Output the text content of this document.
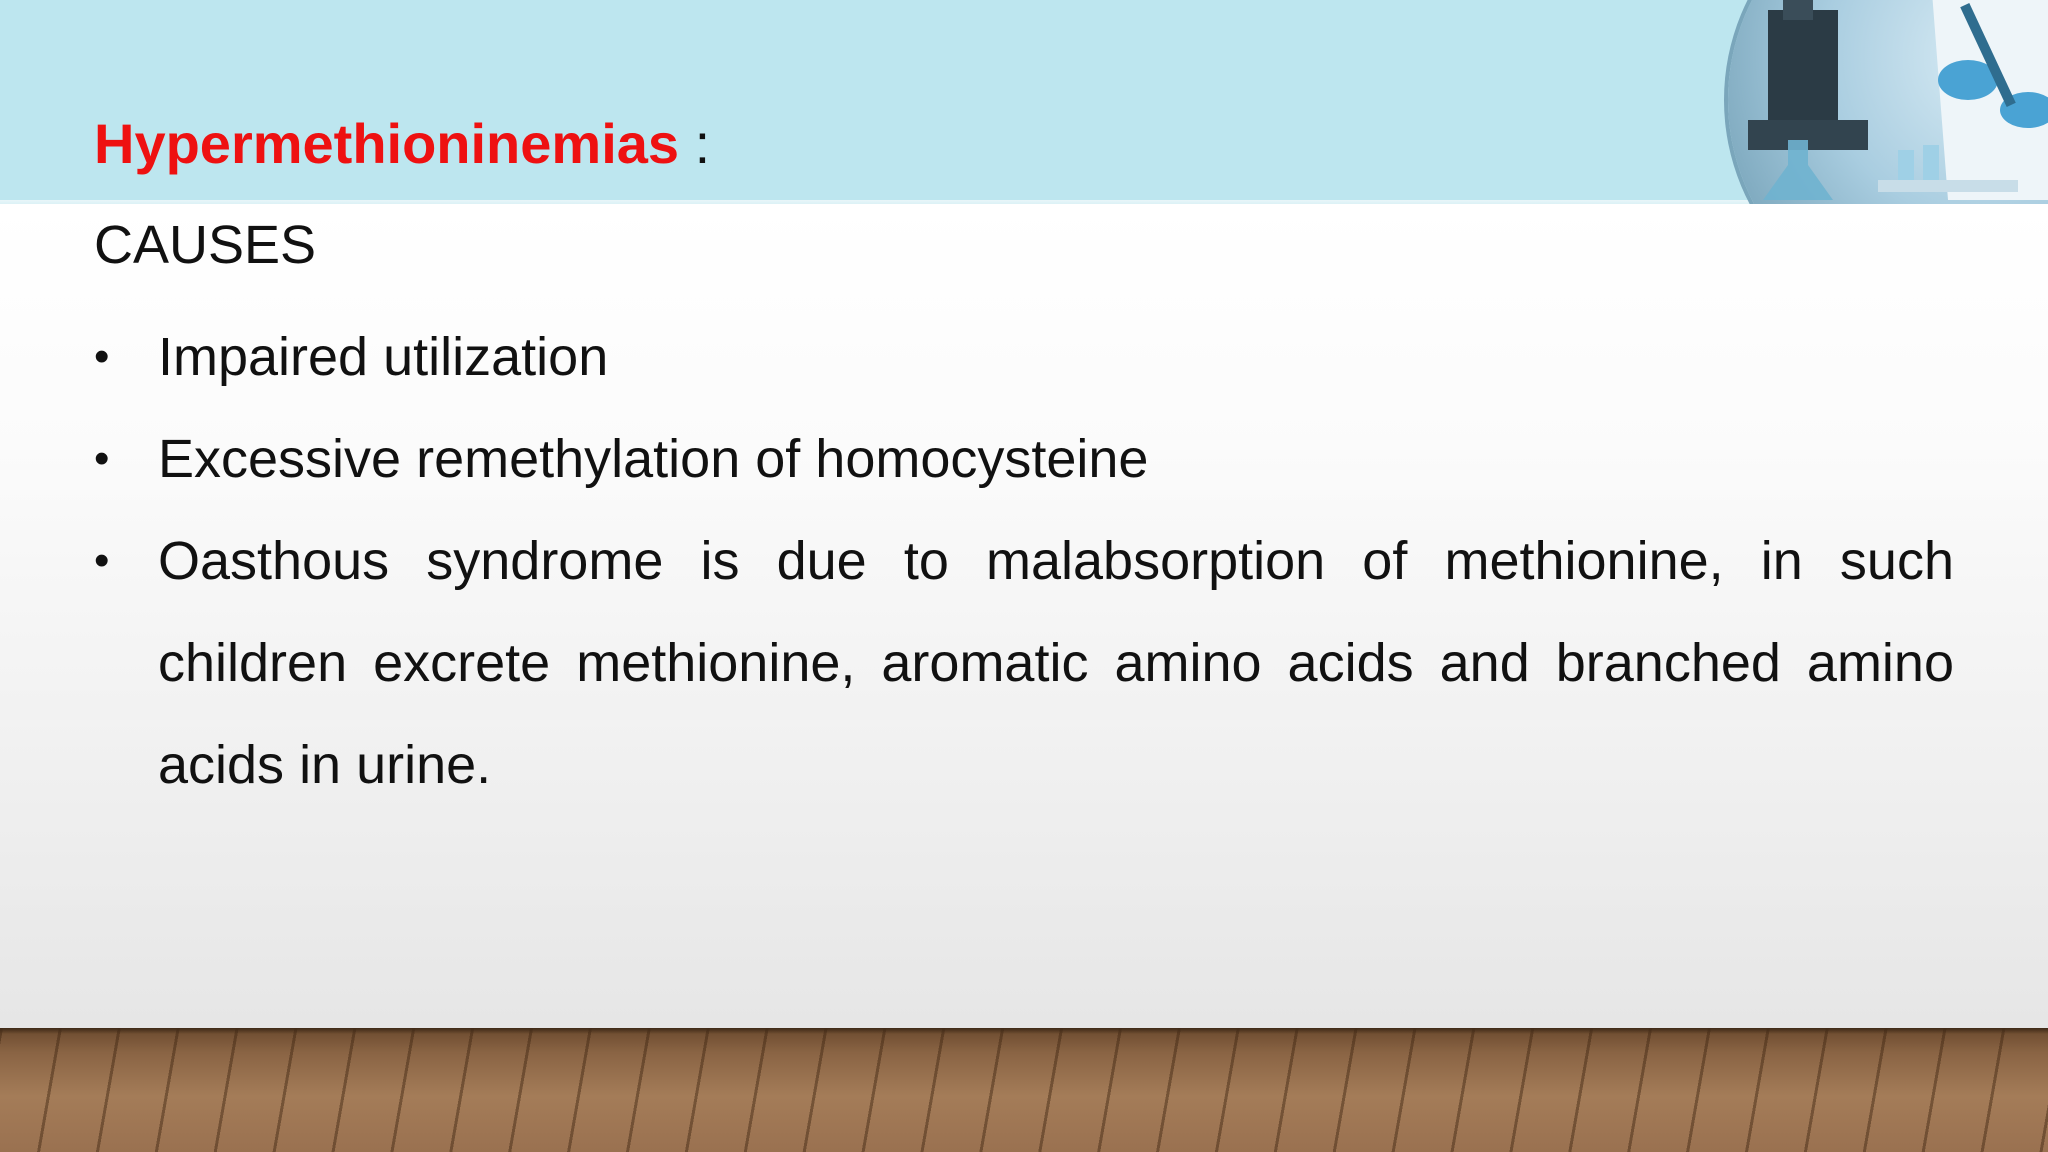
Hypermethioninemias :
CAUSES
• Impaired utilization
• Excessive remethylation of homocysteine
• Oasthous syndrome is due to malabsorption of methionine, in such children excrete methionine, aromatic amino acids and branched amino acids in urine.
